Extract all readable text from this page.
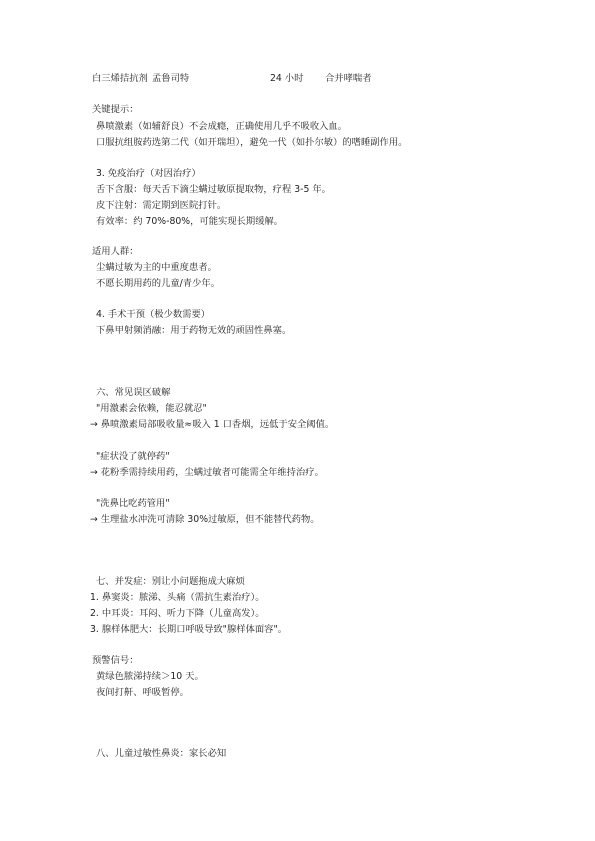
白三烯拮抗剂 孟鲁司特	24 小时 合并哮喘者
关键提示：
鼻喷激素（如辅舒良）不会成瘾，正确使用几乎不吸收入血。
口服抗组胺药选第二代（如开瑞坦），避免一代（如扑尔敏）的嗜睡副作用。
3. 免疫治疗（对因治疗）
舌下含服：每天舌下滴尘螨过敏原提取物，疗程 3-5 年。
皮下注射：需定期到医院打针。
有效率：约 70%-80%，可能实现长期缓解。
适用人群：
尘螨过敏为主的中重度患者。
不愿长期用药的儿童/青少年。
4. 手术干预（极少数需要）
下鼻甲射频消融：用于药物无效的顽固性鼻塞。
六、常见误区破解
"用激素会依赖，能忍就忍"
→ 鼻喷激素局部吸收量≈吸入 1 口香烟，远低于安全阈值。
"症状没了就停药"
→ 花粉季需持续用药，尘螨过敏者可能需全年维持治疗。
"洗鼻比吃药管用"
→ 生理盐水冲洗可清除 30%过敏原，但不能替代药物。
七、并发症：别让小问题拖成大麻烦
1. 鼻窦炎：脓涕、头痛（需抗生素治疗）。
2. 中耳炎：耳闷、听力下降（儿童高发）。
3. 腺样体肥大：长期口呼吸导致"腺样体面容"。
预警信号：
黄绿色脓涕持续＞10 天。
夜间打鼾、呼吸暂停。
八、儿童过敏性鼻炎：家长必知
